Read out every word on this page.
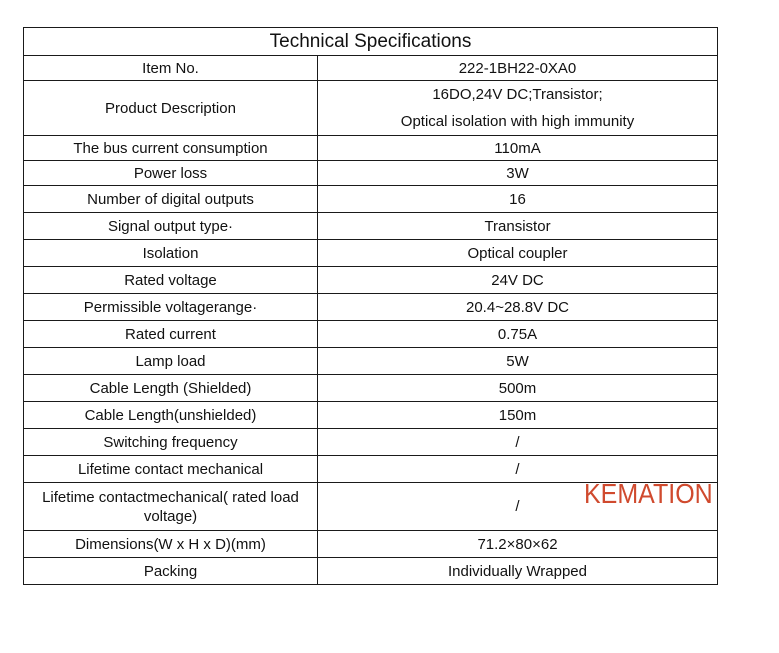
Technical Specifications	
Item No.	222-1BH22-0XA0
Product Description	16DO,24V DC;Transistor;
Optical isolation with high immunity

The bus current consumption	110mA
Power loss	3W
Number of digital outputs	16
Signal output type·	Transistor
Isolation	Optical coupler
Rated voltage	24V DC
Permissible voltagerange·	20.4~28.8V DC
Rated current	0.75A
Lamp load	5W
Cable Length (Shielded)	500m
Cable Length(unshielded)	150m
Switching frequency	/
Lifetime contact mechanical	/
Lifetime contactmechanical( rated load voltage)	/
Dimensions(W x H x D)(mm)	71.2×80×62
Packing	Individually Wrapped
KEMATION
